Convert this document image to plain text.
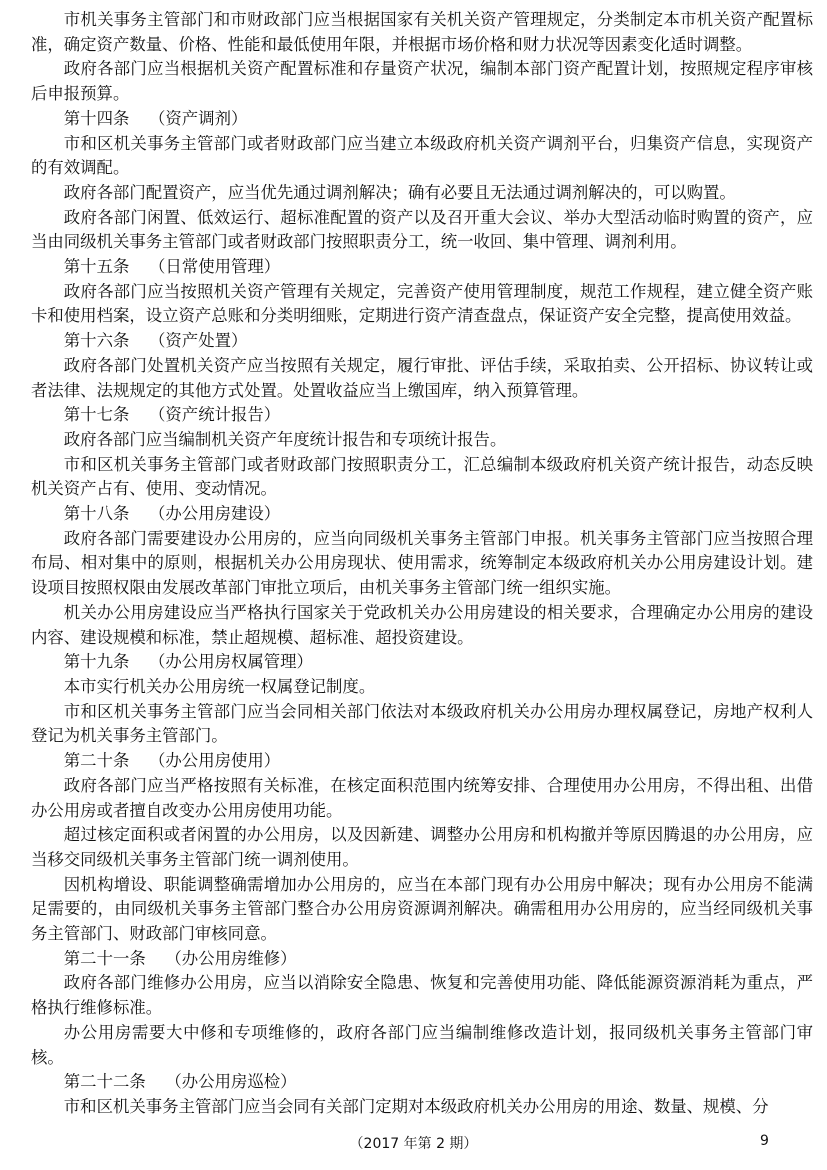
市机关事务主管部门和市财政部门应当根据国家有关机关资产管理规定，分类制定本市机关资产配置标准，确定资产数量、价格、性能和最低使用年限，并根据市场价格和财力状况等因素变化适时调整。

政府各部门应当根据机关资产配置标准和存量资产状况，编制本部门资产配置计划，按照规定程序审核后申报预算。

第十四条 （资产调剂）

市和区机关事务主管部门或者财政部门应当建立本级政府机关资产调剂平台，归集资产信息，实现资产的有效调配。

政府各部门配置资产，应当优先通过调剂解决；确有必要且无法通过调剂解决的，可以购置。

政府各部门闲置、低效运行、超标准配置的资产以及召开重大会议、举办大型活动临时购置的资产，应当由同级机关事务主管部门或者财政部门按照职责分工，统一收回、集中管理、调剂利用。

第十五条 （日常使用管理）

政府各部门应当按照机关资产管理有关规定，完善资产使用管理制度，规范工作规程，建立健全资产账卡和使用档案，设立资产总账和分类明细账，定期进行资产清查盘点，保证资产安全完整，提高使用效益。

第十六条 （资产处置）

政府各部门处置机关资产应当按照有关规定，履行审批、评估手续，采取拍卖、公开招标、协议转让或者法律、法规规定的其他方式处置。处置收益应当上缴国库，纳入预算管理。

第十七条 （资产统计报告）

政府各部门应当编制机关资产年度统计报告和专项统计报告。

市和区机关事务主管部门或者财政部门按照职责分工，汇总编制本级政府机关资产统计报告，动态反映机关资产占有、使用、变动情况。

第十八条 （办公用房建设）

政府各部门需要建设办公用房的，应当向同级机关事务主管部门申报。机关事务主管部门应当按照合理布局、相对集中的原则，根据机关办公用房现状、使用需求，统筹制定本级政府机关办公用房建设计划。建设项目按照权限由发展改革部门审批立项后，由机关事务主管部门统一组织实施。

机关办公用房建设应当严格执行国家关于党政机关办公用房建设的相关要求，合理确定办公用房的建设内容、建设规模和标准，禁止超规模、超标准、超投资建设。

第十九条 （办公用房权属管理）

本市实行机关办公用房统一权属登记制度。

市和区机关事务主管部门应当会同相关部门依法对本级政府机关办公用房办理权属登记，房地产权利人登记为机关事务主管部门。

第二十条 （办公用房使用）

政府各部门应当严格按照有关标准，在核定面积范围内统筹安排、合理使用办公用房，不得出租、出借办公用房或者擅自改变办公用房使用功能。

超过核定面积或者闲置的办公用房，以及因新建、调整办公用房和机构撤并等原因腾退的办公用房，应当移交同级机关事务主管部门统一调剂使用。

因机构增设、职能调整确需增加办公用房的，应当在本部门现有办公用房中解决；现有办公用房不能满足需要的，由同级机关事务主管部门整合办公用房资源调剂解决。确需租用办公用房的，应当经同级机关事务主管部门、财政部门审核同意。

第二十一条 （办公用房维修）

政府各部门维修办公用房，应当以消除安全隐患、恢复和完善使用功能、降低能源资源消耗为重点，严格执行维修标准。

办公用房需要大中修和专项维修的，政府各部门应当编制维修改造计划，报同级机关事务主管部门审核。

第二十二条 （办公用房巡检）

市和区机关事务主管部门应当会同有关部门定期对本级政府机关办公用房的用途、数量、规模、分

（2017 年第 2 期）	9
